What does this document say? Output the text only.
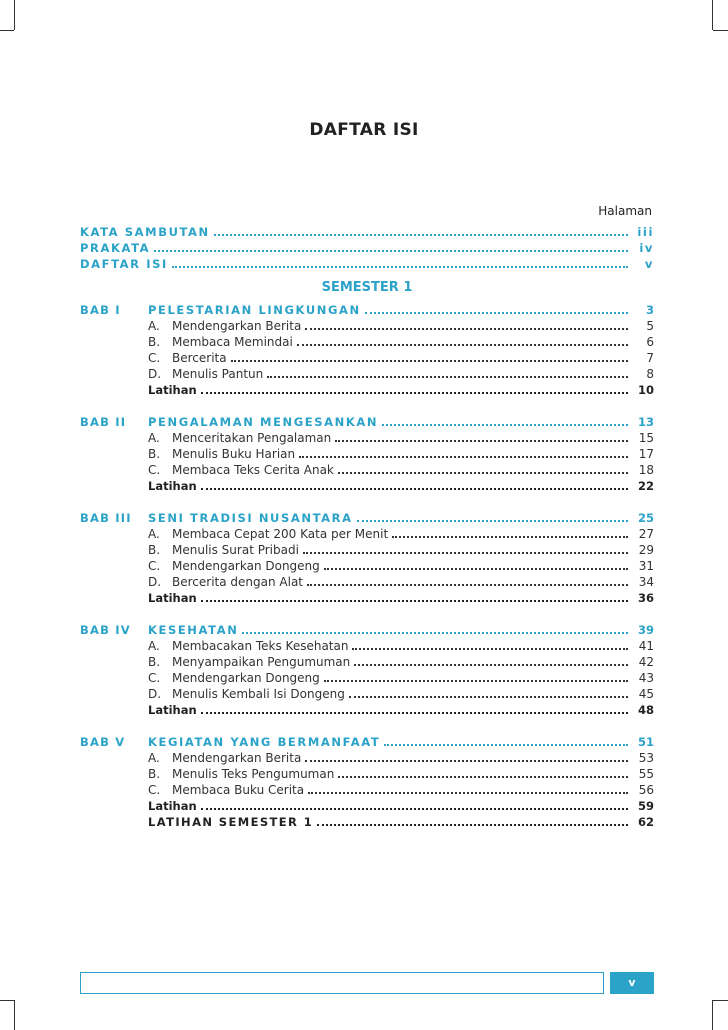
DAFTAR ISI
Halaman
KATA SAMBUTAN	iii
PRAKATA	iv
DAFTAR ISI	v
SEMESTER 1
BAB I	PELESTARIAN LINGKUNGAN	3
A. Mendengarkan Berita	5
B. Membaca Memindai	6
C. Bercerita	7
D. Menulis Pantun	8
Latihan	10
BAB II	PENGALAMAN MENGESANKAN	13
A. Menceritakan Pengalaman	15
B. Menulis Buku Harian	17
C. Membaca Teks Cerita Anak	18
Latihan	22
BAB III	SENI TRADISI NUSANTARA	25
A. Membaca Cepat 200 Kata per Menit	27
B. Menulis Surat Pribadi	29
C. Mendengarkan Dongeng	31
D. Bercerita dengan Alat	34
Latihan	36
BAB IV	KESEHATAN	39
A. Membacakan Teks Kesehatan	41
B. Menyampaikan Pengumuman	42
C. Mendengarkan Dongeng	43
D. Menulis Kembali Isi Dongeng	45
Latihan	48
BAB V	KEGIATAN YANG BERMANFAAT	51
A. Mendengarkan Berita	53
B. Menulis Teks Pengumuman	55
C. Membaca Buku Cerita	56
Latihan	59
LATIHAN SEMESTER 1	62
v
